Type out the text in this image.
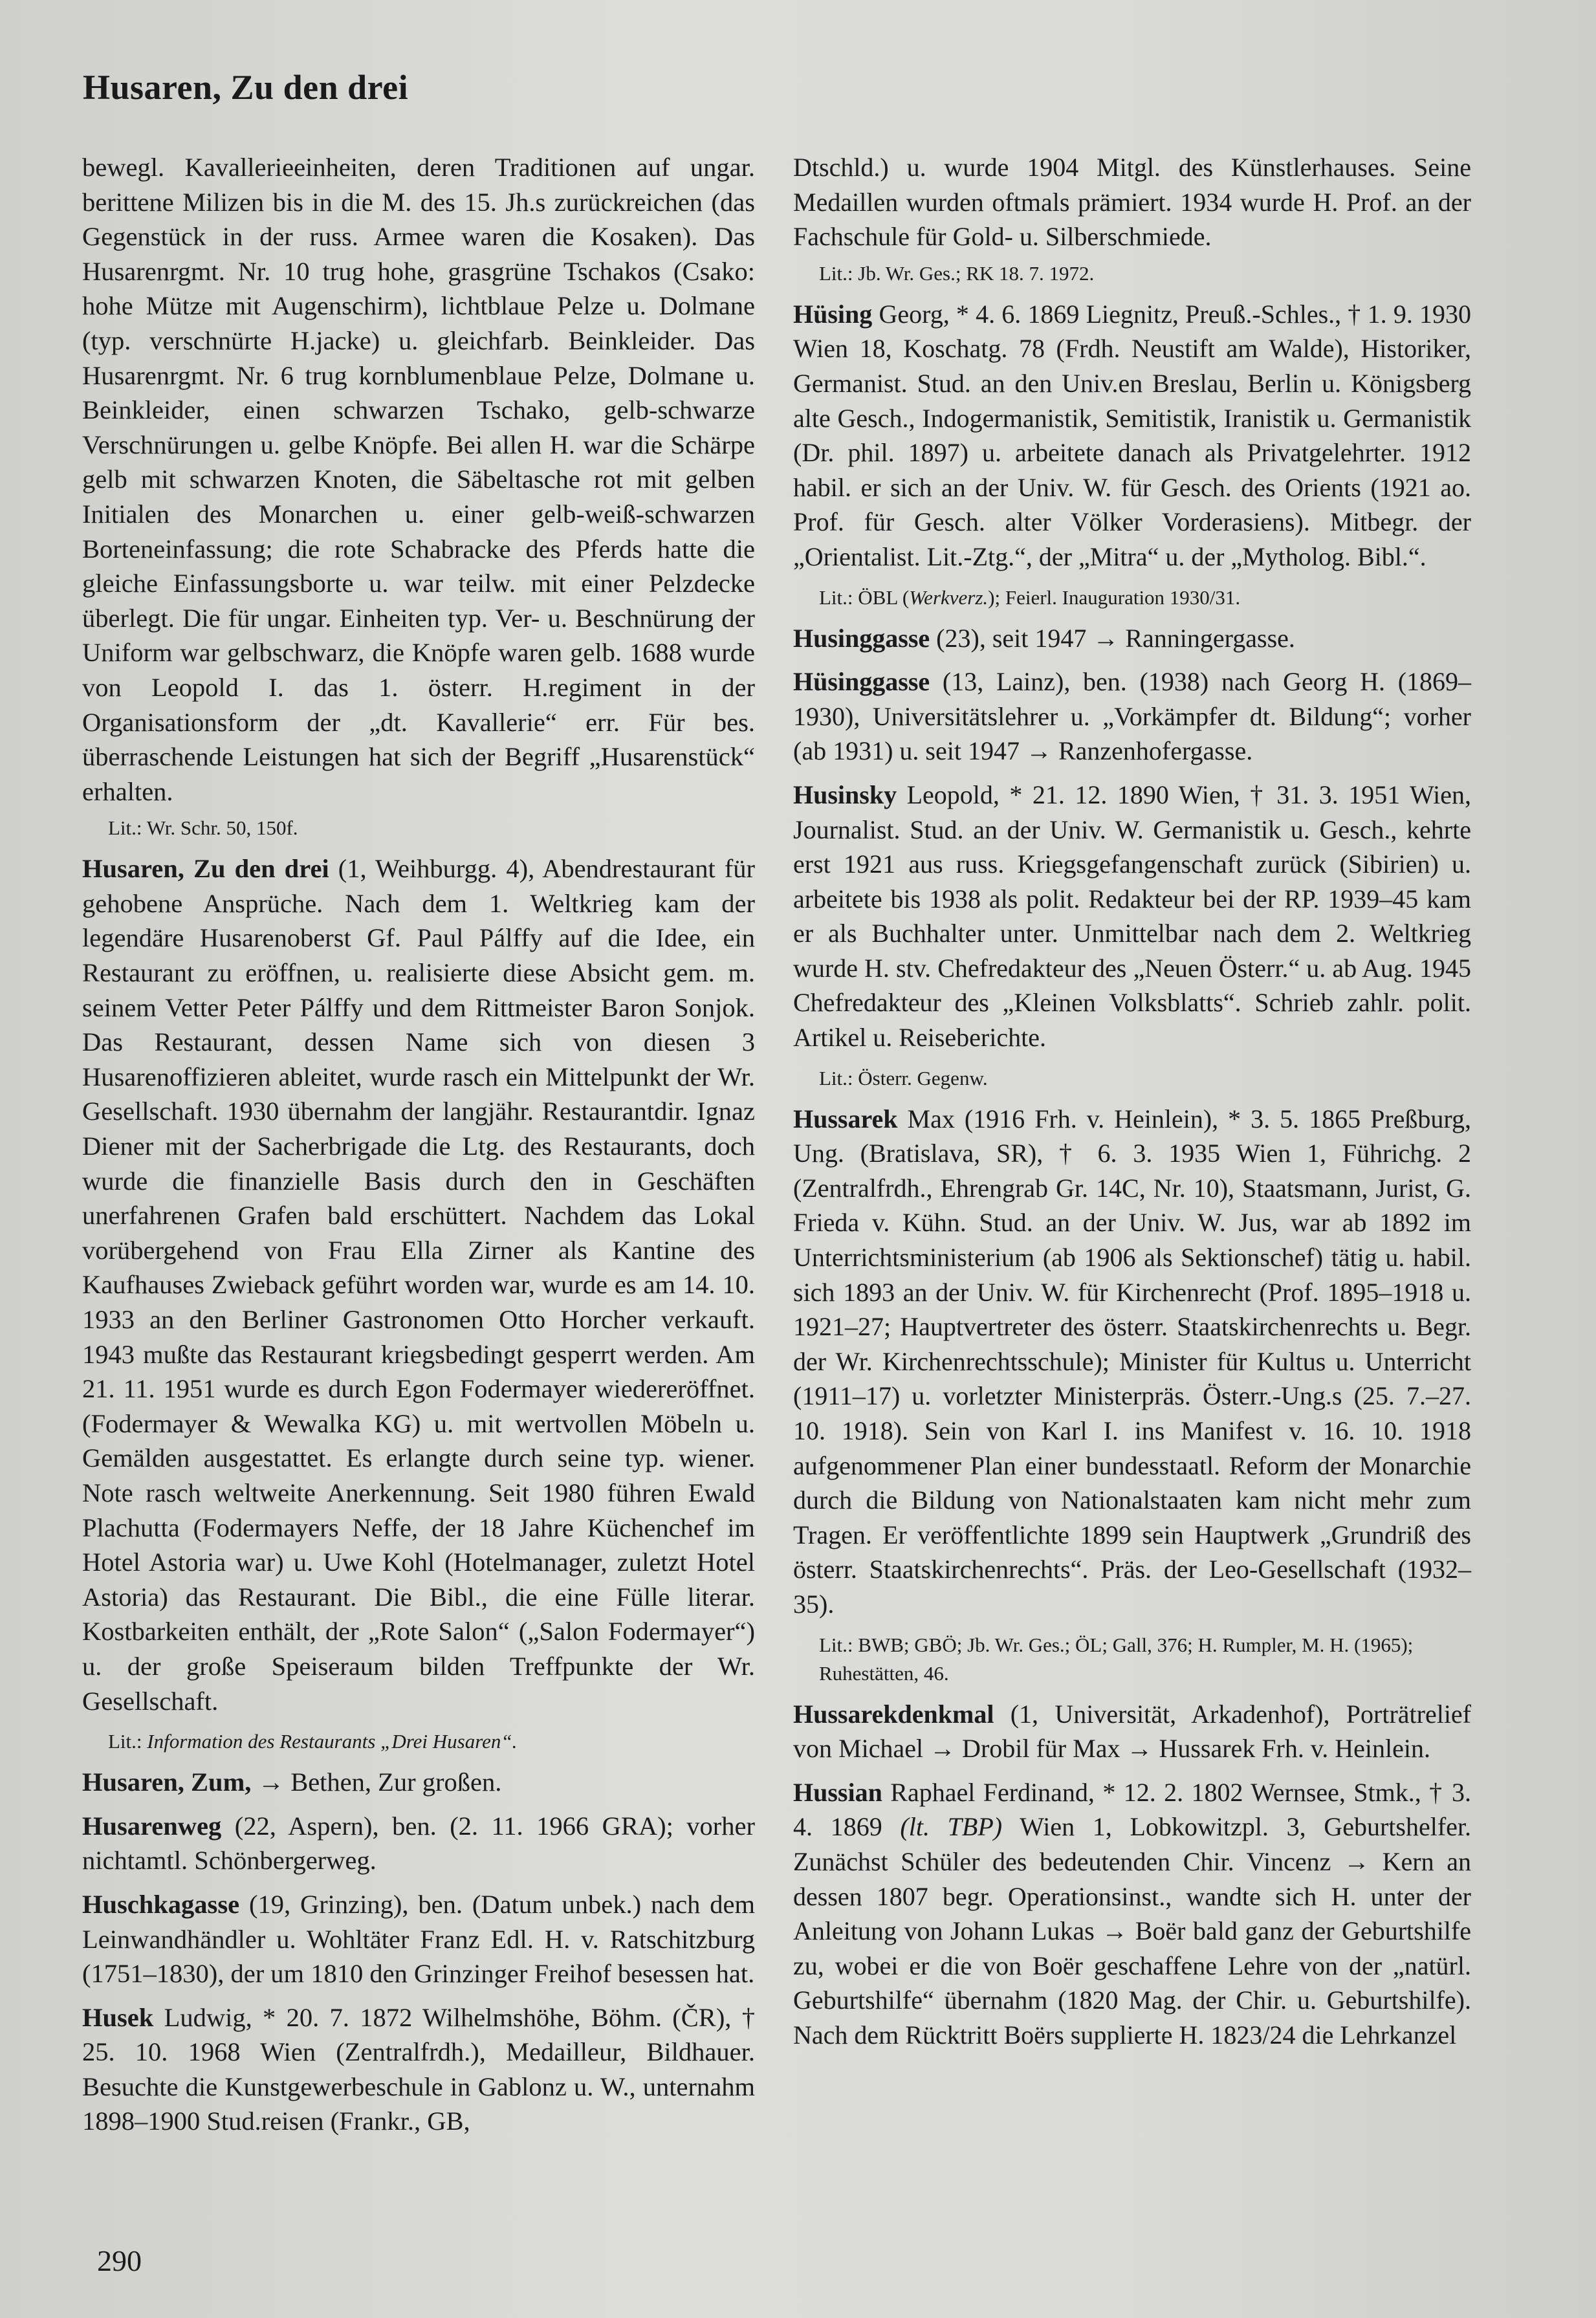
Husaren, Zu den drei

bewegl. Kavallerieeinheiten, deren Traditionen auf ungar. berittene Milizen bis in die M. des 15. Jh.s zurückreichen (das Gegenstück in der russ. Armee waren die Kosaken). Das Husarenrgmt. Nr. 10 trug hohe, grasgrüne Tschakos (Csako: hohe Mütze mit Augenschirm), lichtblaue Pelze u. Dolmane (typ. verschnürte H.jacke) u. gleichfarb. Beinkleider. Das Husarenrgmt. Nr. 6 trug kornblumenblaue Pelze, Dolmane u. Beinkleider, einen schwarzen Tschako, gelb-schwarze Verschnürungen u. gelbe Knöpfe. Bei allen H. war die Schärpe gelb mit schwarzen Knoten, die Säbeltasche rot mit gelben Initialen des Monarchen u. einer gelb-weiß-schwarzen Borteneinfassung; die rote Schabracke des Pferds hatte die gleiche Einfassungsborte u. war teilw. mit einer Pelzdecke überlegt. Die für ungar. Einheiten typ. Ver- u. Beschnürung der Uniform war gelbschwarz, die Knöpfe waren gelb. 1688 wurde von Leopold I. das 1. österr. H.regiment in der Organisationsform der „dt. Kavallerie“ err. Für bes. überraschende Leistungen hat sich der Begriff „Husarenstück“ erhalten.

Lit.: Wr. Schr. 50, 150f.

Husaren, Zu den drei (1, Weihburgg. 4), Abendrestaurant für gehobene Ansprüche. Nach dem 1. Weltkrieg kam der legendäre Husarenoberst Gf. Paul Pálffy auf die Idee, ein Restaurant zu eröffnen, u. realisierte diese Absicht gem. m. seinem Vetter Peter Pálffy und dem Rittmeister Baron Sonjok. Das Restaurant, dessen Name sich von diesen 3 Husarenoffizieren ableitet, wurde rasch ein Mittelpunkt der Wr. Gesellschaft. 1930 übernahm der langjähr. Restaurantdir. Ignaz Diener mit der Sacherbrigade die Ltg. des Restaurants, doch wurde die finanzielle Basis durch den in Geschäften unerfahrenen Grafen bald erschüttert. Nachdem das Lokal vorübergehend von Frau Ella Zirner als Kantine des Kaufhauses Zwieback geführt worden war, wurde es am 14. 10. 1933 an den Berliner Gastronomen Otto Horcher verkauft. 1943 mußte das Restaurant kriegsbedingt gesperrt werden. Am 21. 11. 1951 wurde es durch Egon Fodermayer wiedereröffnet. (Fodermayer & Wewalka KG) u. mit wertvollen Möbeln u. Gemälden ausgestattet. Es erlangte durch seine typ. wiener. Note rasch weltweite Anerkennung. Seit 1980 führen Ewald Plachutta (Fodermayers Neffe, der 18 Jahre Küchenchef im Hotel Astoria war) u. Uwe Kohl (Hotelmanager, zuletzt Hotel Astoria) das Restaurant. Die Bibl., die eine Fülle literar. Kostbarkeiten enthält, der „Rote Salon“ („Salon Fodermayer“) u. der große Speiseraum bilden Treffpunkte der Wr. Gesellschaft.

Lit.: Information des Restaurants „Drei Husaren“.

Husaren, Zum, → Bethen, Zur großen.

Husarenweg (22, Aspern), ben. (2. 11. 1966 GRA); vorher nichtamtl. Schönbergerweg.

Huschkagasse (19, Grinzing), ben. (Datum unbek.) nach dem Leinwandhändler u. Wohltäter Franz Edl. H. v. Ratschitzburg (1751–1830), der um 1810 den Grinzinger Freihof besessen hat.

Husek Ludwig, * 20. 7. 1872 Wilhelmshöhe, Böhm. (ČR), † 25. 10. 1968 Wien (Zentralfrdh.), Medailleur, Bildhauer. Besuchte die Kunstgewerbeschule in Gablonz u. W., unternahm 1898–1900 Stud.reisen (Frankr., GB,

Dtschld.) u. wurde 1904 Mitgl. des Künstlerhauses. Seine Medaillen wurden oftmals prämiert. 1934 wurde H. Prof. an der Fachschule für Gold- u. Silberschmiede.

Lit.: Jb. Wr. Ges.; RK 18. 7. 1972.

Hüsing Georg, * 4. 6. 1869 Liegnitz, Preuß.-Schles., † 1. 9. 1930 Wien 18, Koschatg. 78 (Frdh. Neustift am Walde), Historiker, Germanist. Stud. an den Univ.en Breslau, Berlin u. Königsberg alte Gesch., Indogermanistik, Semitistik, Iranistik u. Germanistik (Dr. phil. 1897) u. arbeitete danach als Privatgelehrter. 1912 habil. er sich an der Univ. W. für Gesch. des Orients (1921 ao. Prof. für Gesch. alter Völker Vorderasiens). Mitbegr. der „Orientalist. Lit.-Ztg.“, der „Mitra“ u. der „Mytholog. Bibl.“.

Lit.: ÖBL (Werkverz.); Feierl. Inauguration 1930/31.

Husinggasse (23), seit 1947 → Ranningergasse.

Hüsinggasse (13, Lainz), ben. (1938) nach Georg H. (1869–1930), Universitätslehrer u. „Vorkämpfer dt. Bildung“; vorher (ab 1931) u. seit 1947 → Ranzenhofergasse.

Husinsky Leopold, * 21. 12. 1890 Wien, † 31. 3. 1951 Wien, Journalist. Stud. an der Univ. W. Germanistik u. Gesch., kehrte erst 1921 aus russ. Kriegsgefangenschaft zurück (Sibirien) u. arbeitete bis 1938 als polit. Redakteur bei der RP. 1939–45 kam er als Buchhalter unter. Unmittelbar nach dem 2. Weltkrieg wurde H. stv. Chefredakteur des „Neuen Österr.“ u. ab Aug. 1945 Chefredakteur des „Kleinen Volksblatts“. Schrieb zahlr. polit. Artikel u. Reiseberichte.

Lit.: Österr. Gegenw.

Hussarek Max (1916 Frh. v. Heinlein), * 3. 5. 1865 Preßburg, Ung. (Bratislava, SR), † 6. 3. 1935 Wien 1, Führichg. 2 (Zentralfrdh., Ehrengrab Gr. 14C, Nr. 10), Staatsmann, Jurist, G. Frieda v. Kühn. Stud. an der Univ. W. Jus, war ab 1892 im Unterrichtsministerium (ab 1906 als Sektionschef) tätig u. habil. sich 1893 an der Univ. W. für Kirchenrecht (Prof. 1895–1918 u. 1921–27; Hauptvertreter des österr. Staatskirchenrechts u. Begr. der Wr. Kirchenrechtsschule); Minister für Kultus u. Unterricht (1911–17) u. vorletzter Ministerpräs. Österr.-Ung.s (25. 7.–27. 10. 1918). Sein von Karl I. ins Manifest v. 16. 10. 1918 aufgenommener Plan einer bundesstaatl. Reform der Monarchie durch die Bildung von Nationalstaaten kam nicht mehr zum Tragen. Er veröffentlichte 1899 sein Hauptwerk „Grundriß des österr. Staatskirchenrechts“. Präs. der Leo-Gesellschaft (1932–35).

Lit.: BWB; GBÖ; Jb. Wr. Ges.; ÖL; Gall, 376; H. Rumpler, M. H. (1965); Ruhestätten, 46.

Hussarekdenkmal (1, Universität, Arkadenhof), Porträtrelief von Michael → Drobil für Max → Hussarek Frh. v. Heinlein.

Hussian Raphael Ferdinand, * 12. 2. 1802 Wernsee, Stmk., † 3. 4. 1869 (lt. TBP) Wien 1, Lobkowitzpl. 3, Geburtshelfer. Zunächst Schüler des bedeutenden Chir. Vincenz → Kern an dessen 1807 begr. Operationsinst., wandte sich H. unter der Anleitung von Johann Lukas → Boër bald ganz der Geburtshilfe zu, wobei er die von Boër geschaffene Lehre von der „natürl. Geburtshilfe“ übernahm (1820 Mag. der Chir. u. Geburtshilfe). Nach dem Rücktritt Boërs supplierte H. 1823/24 die Lehrkanzel

290
